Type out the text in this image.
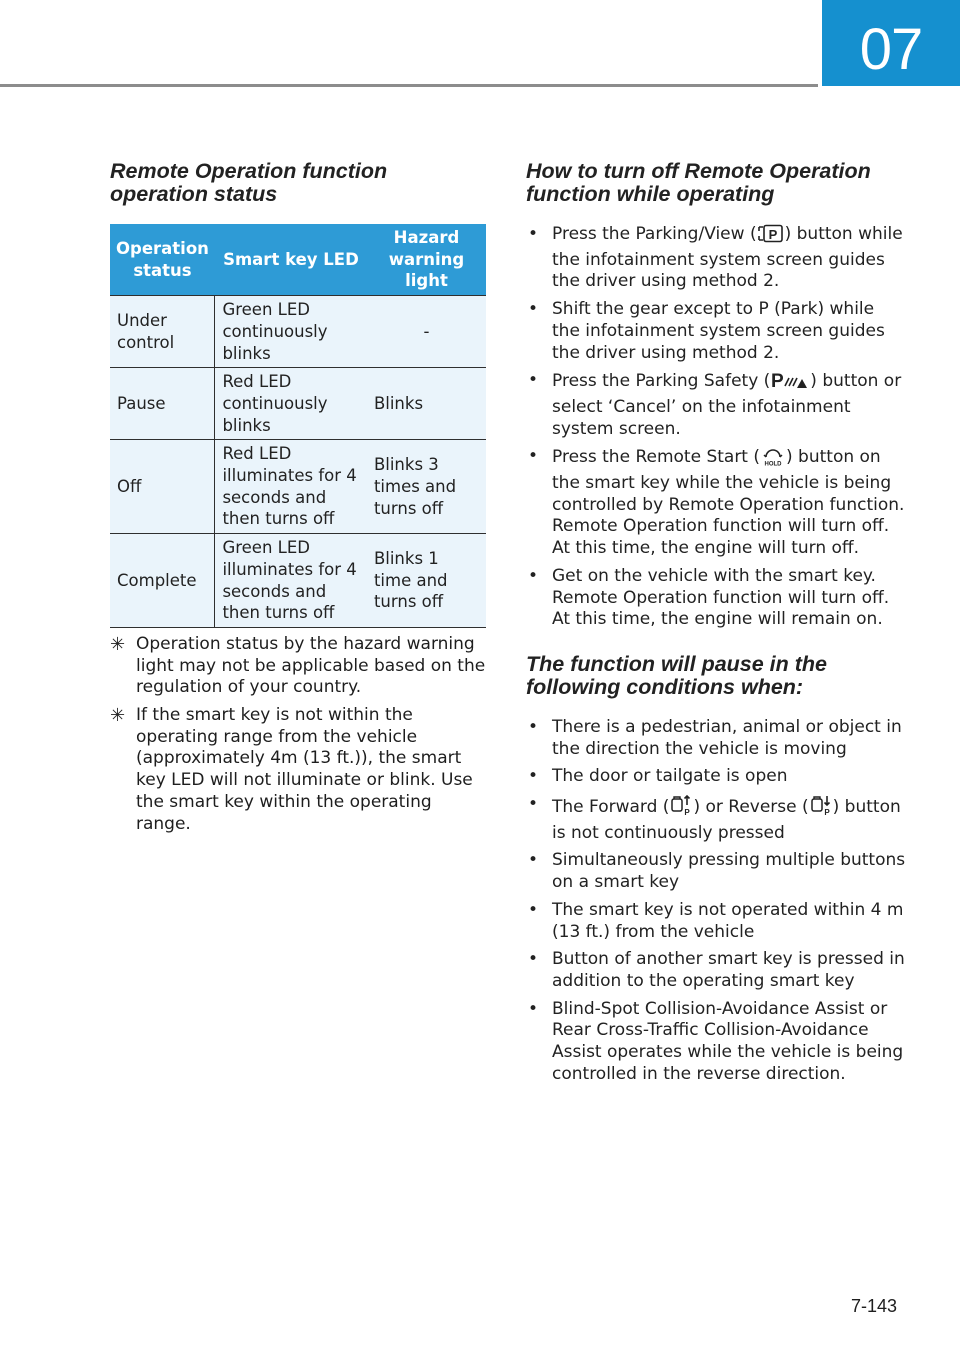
07
Remote Operation function
operation status
Operation status	Smart key LED	Hazard warning light
Under control	Green LED continuously blinks	-
Pause	Red LED continuously blinks	Blinks
Off	Red LED illuminates for 4 seconds and then turns off	Blinks 3 times and turns off
Complete	Green LED illuminates for 4 seconds and then turns off	Blinks 1 time and turns off
✳ Operation status by the hazard warning light may not be applicable based on the regulation of your country.
✳ If the smart key is not within the operating range from the vehicle (approximately 4m (13 ft.)), the smart key LED will not illuminate or blink. Use the smart key within the operating range.
How to turn off Remote Operation
function while operating
• Press the Parking/View ( P ) button while the infotainment system screen guides the driver using method 2.
• Shift the gear except to P (Park) while the infotainment system screen guides the driver using method 2.
• Press the Parking Safety ( P ) button or select ‘Cancel’ on the infotainment system screen.
• Press the Remote Start ( HOLD ) button on the smart key while the vehicle is being controlled by Remote Operation function. Remote Operation function will turn off. At this time, the engine will turn off.
• Get on the vehicle with the smart key. Remote Operation function will turn off. At this time, the engine will remain on.
The function will pause in the
following conditions when:
• There is a pedestrian, animal or object in the direction the vehicle is moving
• The door or tailgate is open
• The Forward ( P ) or Reverse ( P ) button is not continuously pressed
• Simultaneously pressing multiple buttons on a smart key
• The smart key is not operated within 4 m (13 ft.) from the vehicle
• Button of another smart key is pressed in addition to the operating smart key
• Blind-Spot Collision-Avoidance Assist or Rear Cross-Traffic Collision-Avoidance Assist operates while the vehicle is being controlled in the reverse direction.
7-143
